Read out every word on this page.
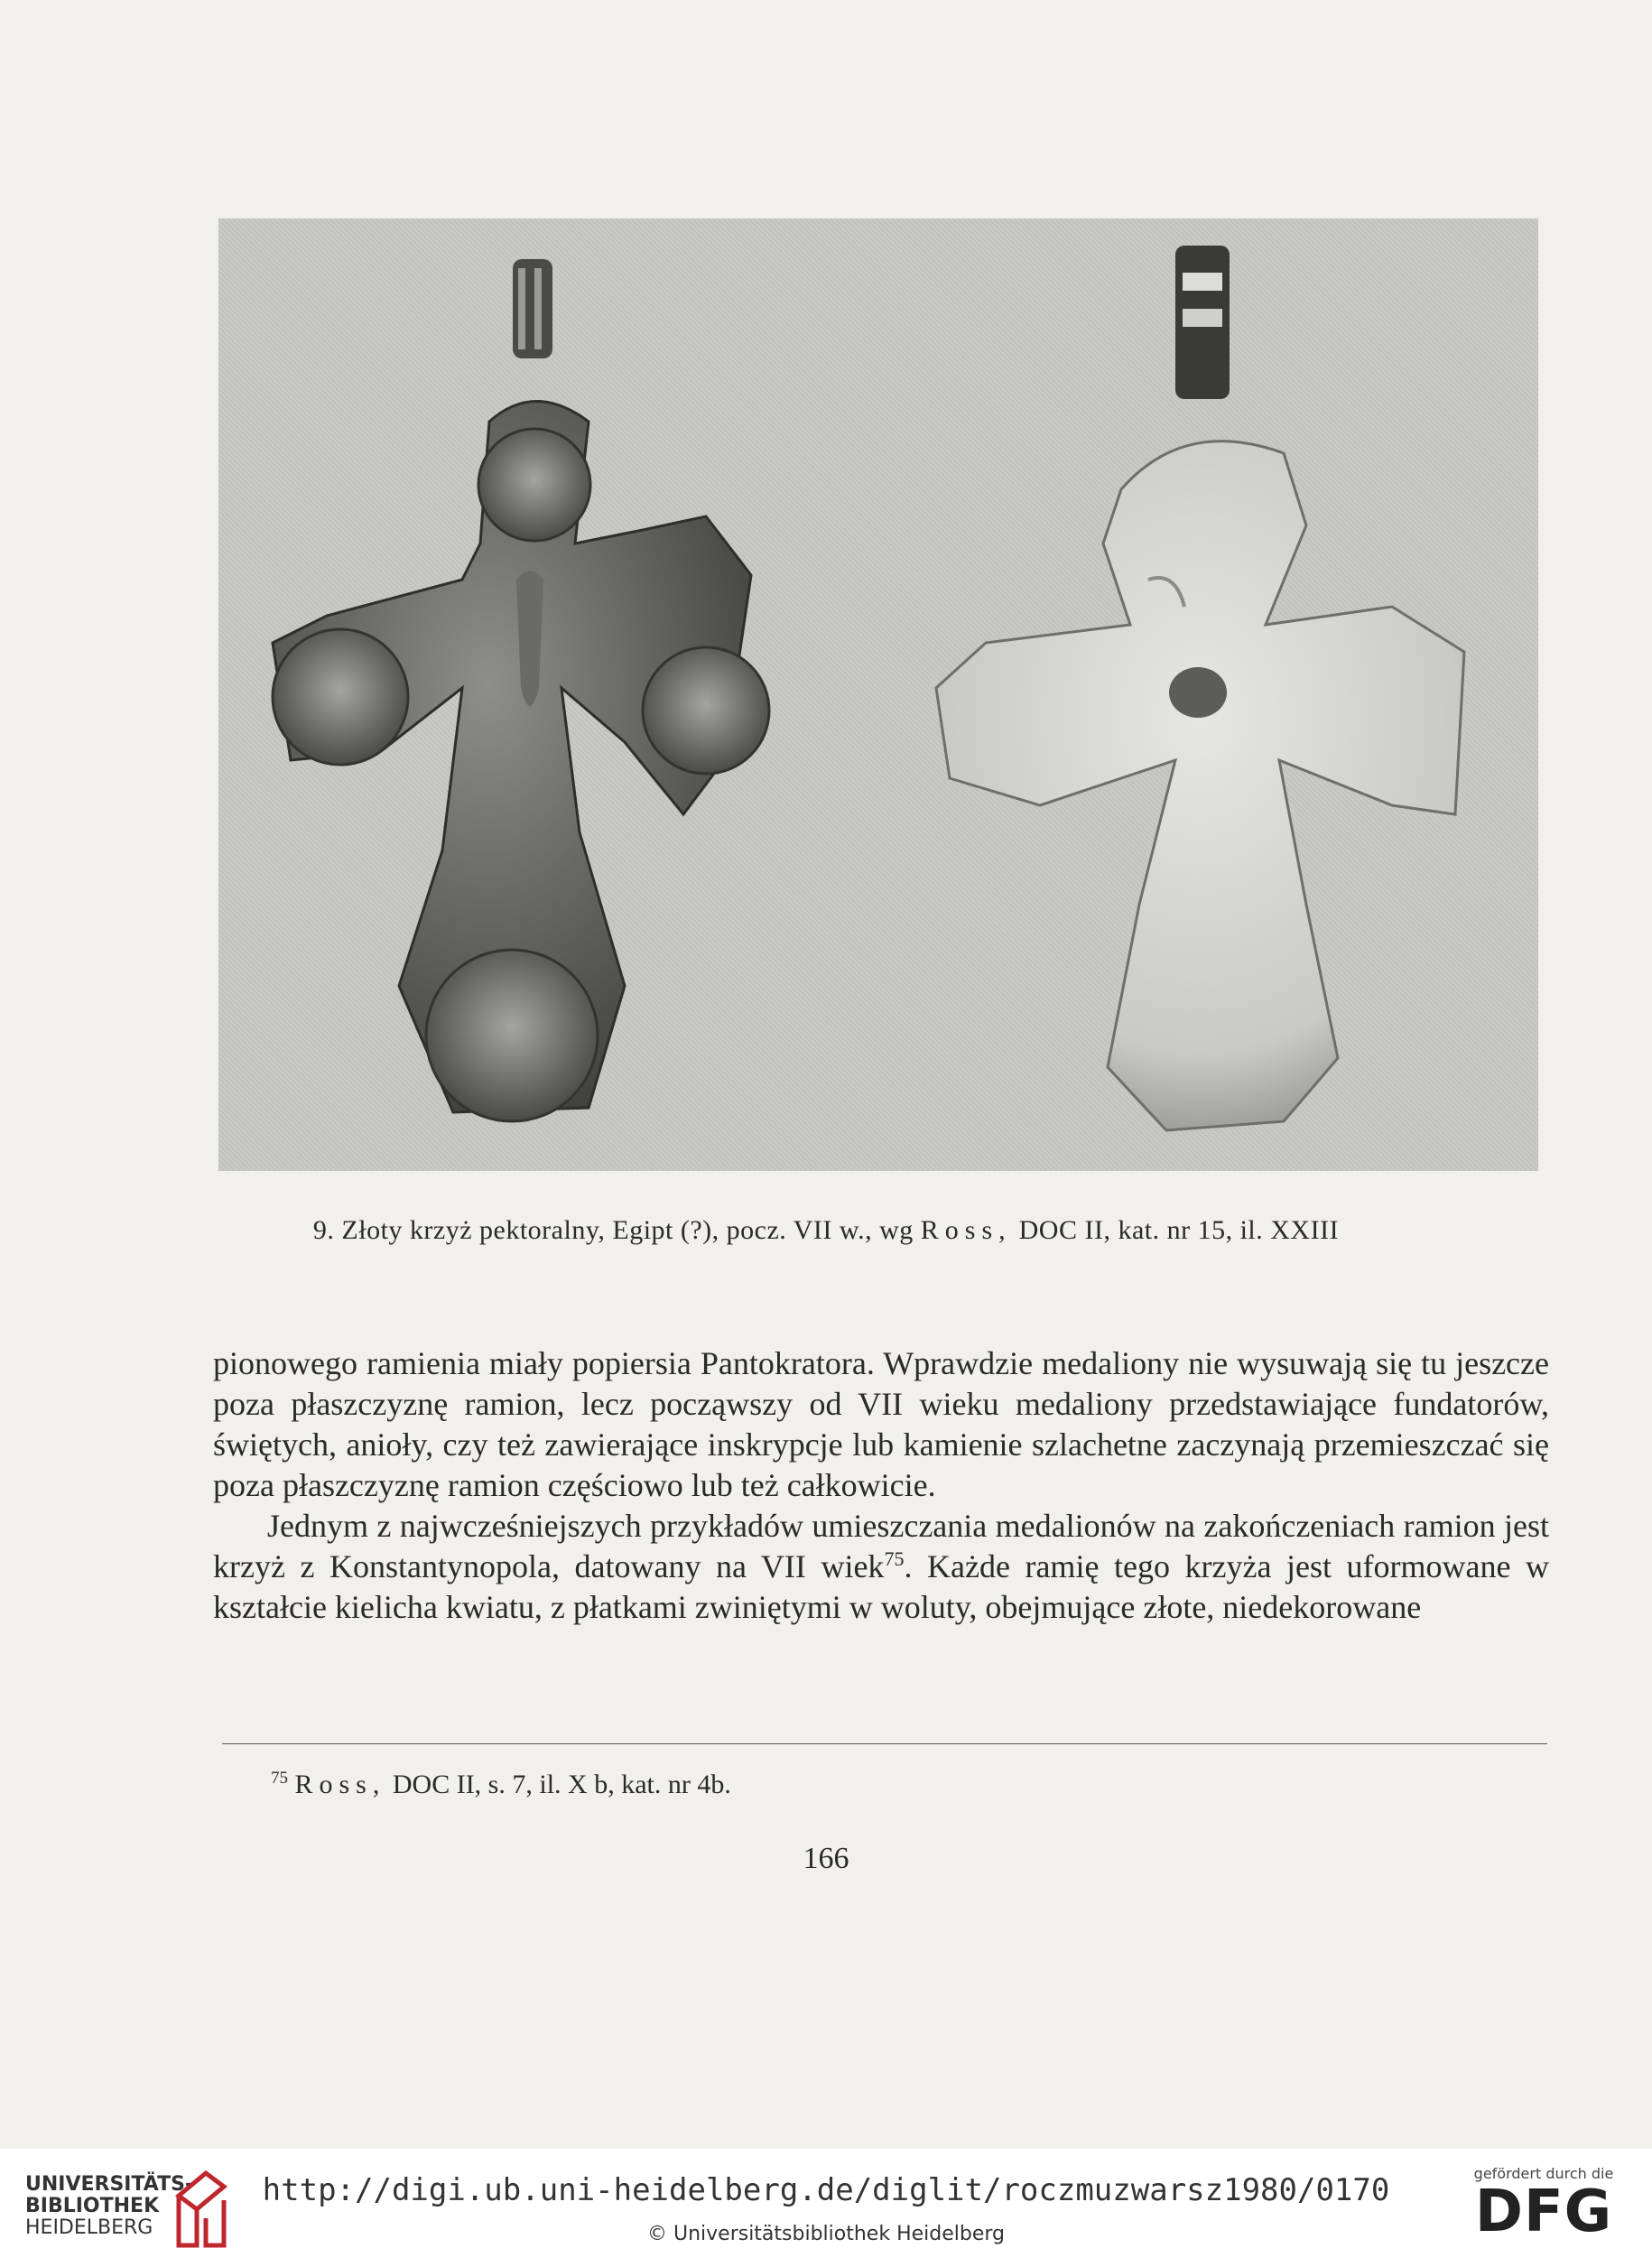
9. Złoty krzyż pektoralny, Egipt (?), pocz. VII w., wg Ross, DOC II, kat. nr 15, il. XXIII

pionowego ramienia miały popiersia Pantokratora. Wprawdzie medaliony nie wysuwają się tu jeszcze poza płaszczyznę ramion, lecz począwszy od VII wieku medaliony przedstawiające fundatorów, świętych, anioły, czy też zawierające inskrypcje lub kamienie szlachetne zaczynają przemieszczać się poza płaszczyznę ramion częściowo lub też całkowicie.

Jednym z najwcześniejszych przykładów umieszczania medalionów na zakończeniach ramion jest krzyż z Konstantynopola, datowany na VII wiek$^{75}$. Każde ramię tego krzyża jest uformowane w kształcie kielicha kwiatu, z płatkami zwiniętymi w woluty, obejmujące złote, niedekorowane

$^{75}$ Ross, DOC II, s. 7, il. X b, kat. nr 4b.
166
UNIVERSITÄTS-
BIBLIOTHEK
HEIDELBERG
http://digi.ub.uni-heidelberg.de/diglit/roczmuzwarsz1980/0170
© Universitätsbibliothek Heidelberg
gefördert durch die
DFG
